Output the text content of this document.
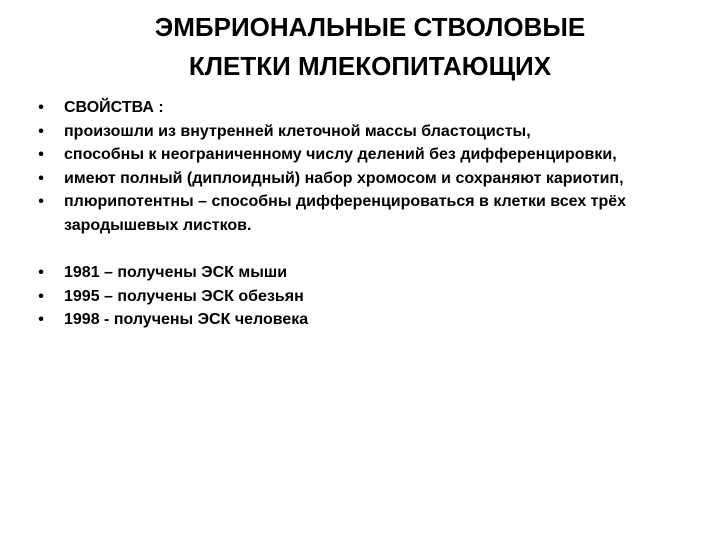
ЭМБРИОНАЛЬНЫЕ СТВОЛОВЫЕ
КЛЕТКИ МЛЕКОПИТАЮЩИХ
• СВОЙСТВА :
• произошли из внутренней клеточной массы бластоцисты,
• способны к неограниченному числу делений без дифференцировки,
• имеют полный (диплоидный) набор хромосом и сохраняют кариотип,
• плюрипотентны – способны дифференцироваться в клетки всех трёх зародышевых листков.
• 1981 – получены ЭСК мыши
• 1995 – получены ЭСК обезьян
• 1998 - получены ЭСК человека
